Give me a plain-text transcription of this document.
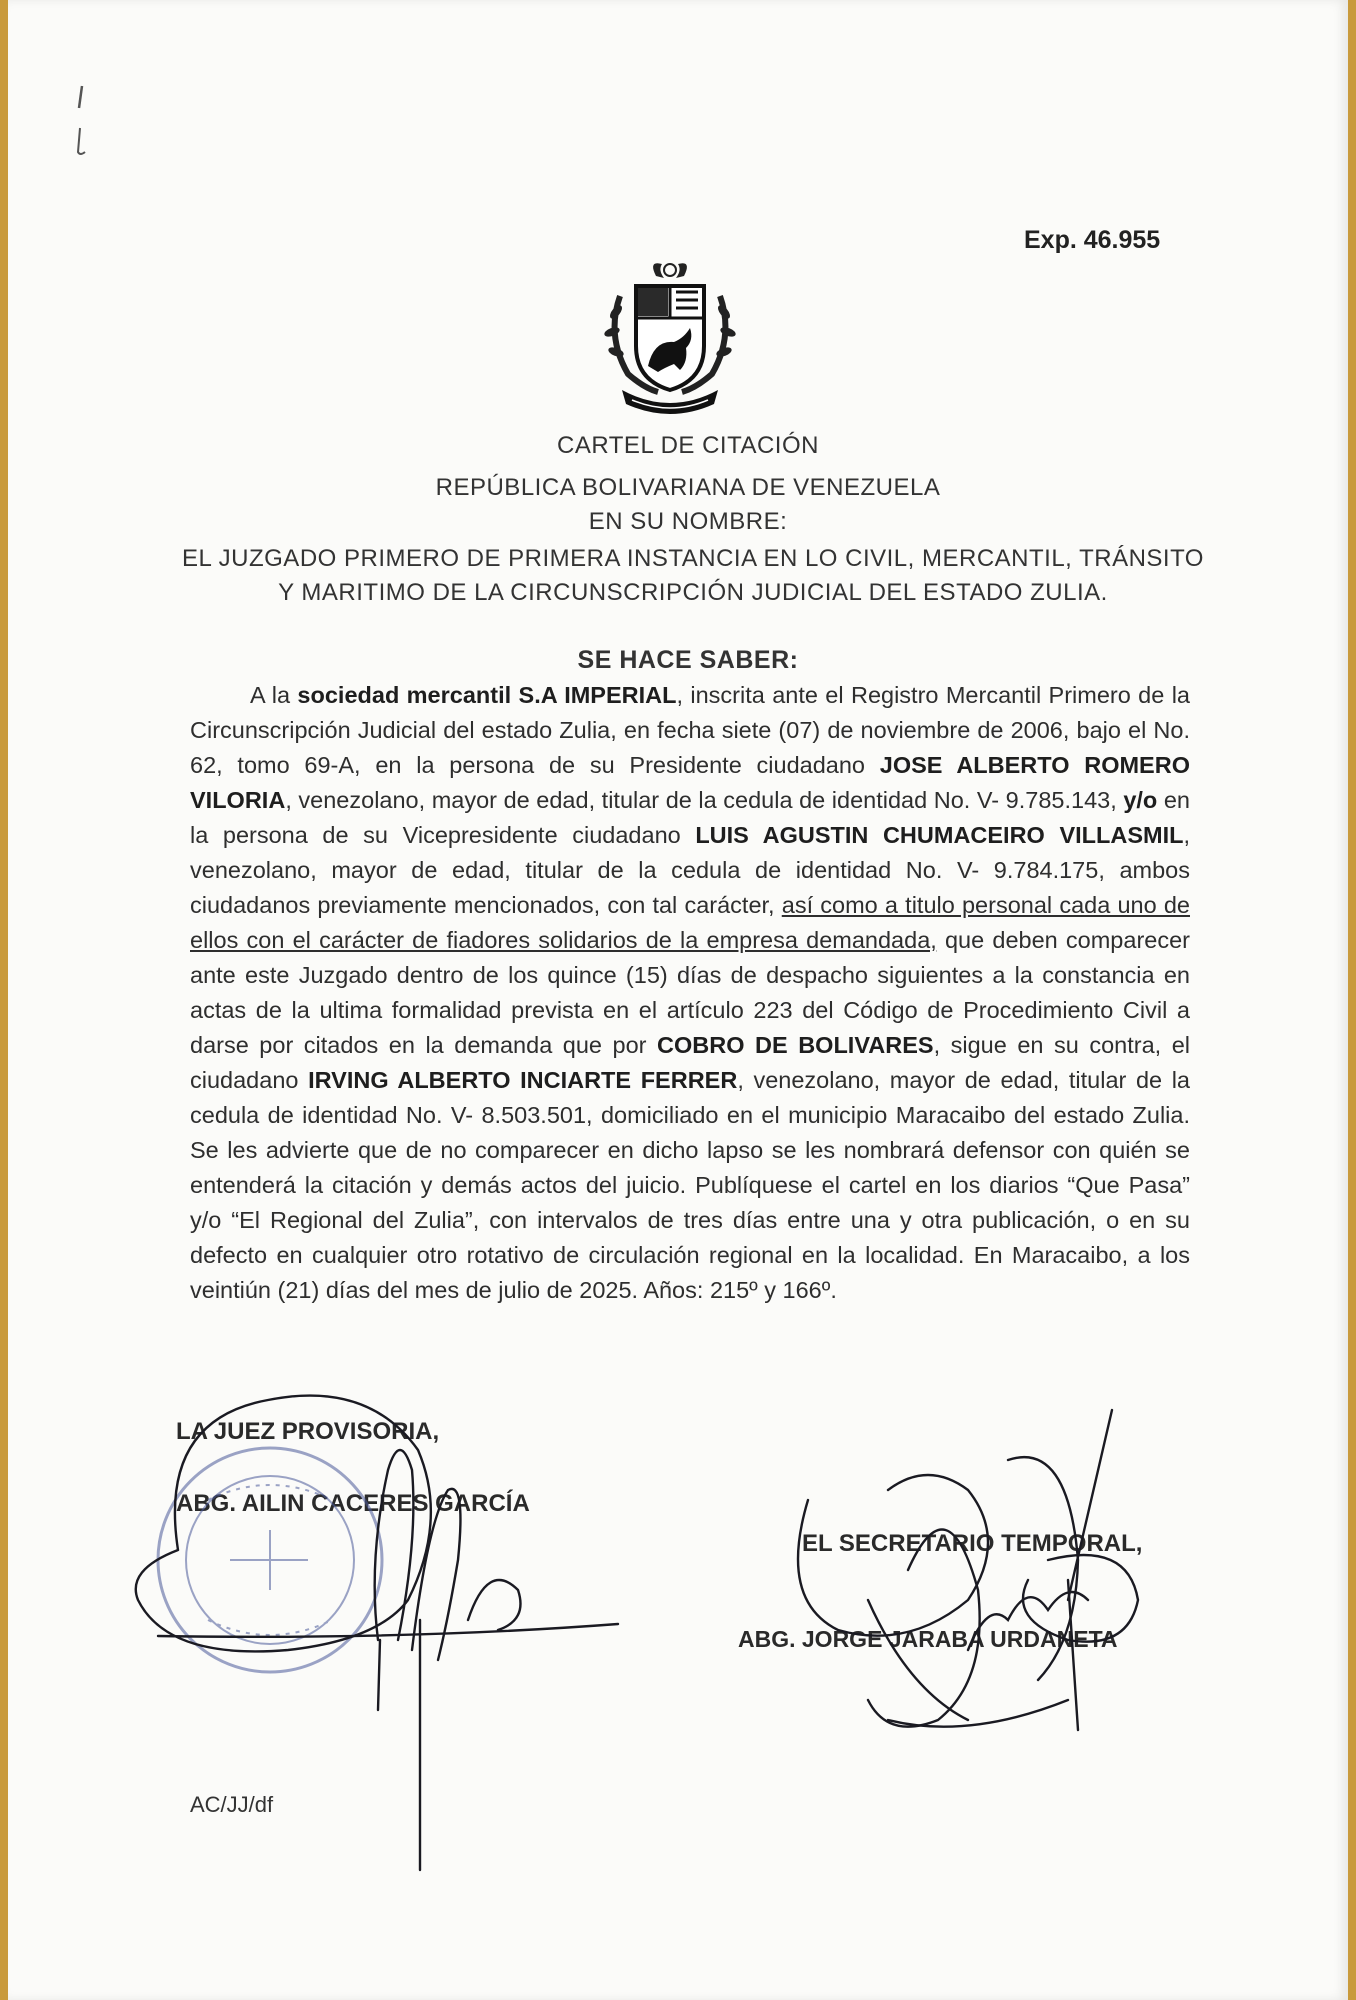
Exp. 46.955
CARTEL DE CITACIÓN
REPÚBLICA BOLIVARIANA DE VENEZUELA
EN SU NOMBRE:
EL JUZGADO PRIMERO DE PRIMERA INSTANCIA EN LO CIVIL, MERCANTIL, TRÁNSITO Y MARITIMO DE LA CIRCUNSCRIPCIÓN JUDICIAL DEL ESTADO ZULIA.
SE HACE SABER:
A la sociedad mercantil S.A IMPERIAL, inscrita ante el Registro Mercantil Primero de la Circunscripción Judicial del estado Zulia, en fecha siete (07) de noviembre de 2006, bajo el No. 62, tomo 69-A, en la persona de su Presidente ciudadano JOSE ALBERTO ROMERO VILORIA, venezolano, mayor de edad, titular de la cedula de identidad No. V- 9.785.143, y/o en la persona de su Vicepresidente ciudadano LUIS AGUSTIN CHUMACEIRO VILLASMIL, venezolano, mayor de edad, titular de la cedula de identidad No. V- 9.784.175, ambos ciudadanos previamente mencionados, con tal carácter, así como a titulo personal cada uno de ellos con el carácter de fiadores solidarios de la empresa demandada, que deben comparecer ante este Juzgado dentro de los quince (15) días de despacho siguientes a la constancia en actas de la ultima formalidad prevista en el artículo 223 del Código de Procedimiento Civil a darse por citados en la demanda que por COBRO DE BOLIVARES, sigue en su contra, el ciudadano IRVING ALBERTO INCIARTE FERRER, venezolano, mayor de edad, titular de la cedula de identidad No. V- 8.503.501, domiciliado en el municipio Maracaibo del estado Zulia. Se les advierte que de no comparecer en dicho lapso se les nombrará defensor con quién se entenderá la citación y demás actos del juicio. Publíquese el cartel en los diarios “Que Pasa” y/o “El Regional del Zulia”, con intervalos de tres días entre una y otra publicación, o en su defecto en cualquier otro rotativo de circulación regional en la localidad. En Maracaibo, a los veintiún (21) días del mes de julio de 2025. Años: 215º y 166º.
LA JUEZ PROVISORIA,
ABG. AILIN CACERES GARCÍA
EL SECRETARIO TEMPORAL,
ABG. JORGE JARABA URDANETA
AC/JJ/df
